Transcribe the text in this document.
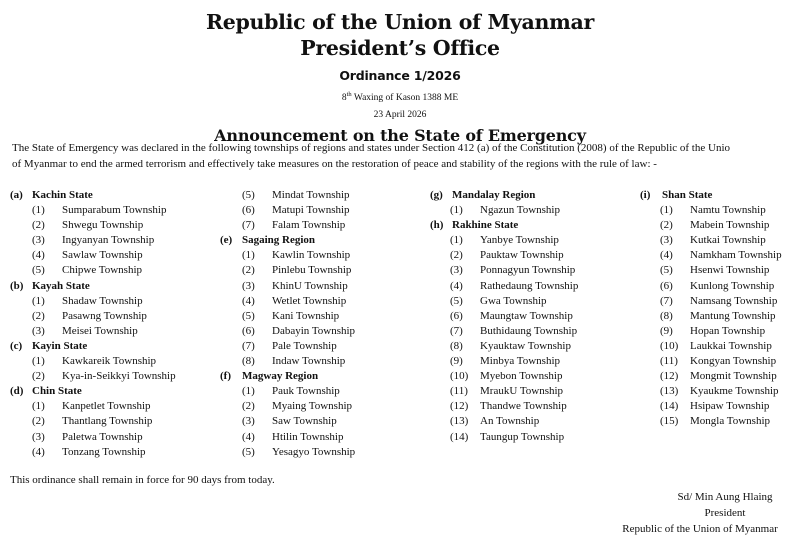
Republic of the Union of Myanmar
President’s Office
Ordinance 1/2026
8th Waxing of Kason 1388 ME
23 April 2026
Announcement on the State of Emergency
The State of Emergency was declared in the following townships of regions and states under Section 412 (a) of the Constitution (2008) of the Republic of the Unio
of Myanmar to end the armed terrorism and effectively take measures on the restoration of peace and stability of the regions with the rule of law: -
(a) Kachin State
(1)	Sumparabum Township
(2)	Shwegu Township
(3)	Ingyanyan Township
(4)	Sawlaw Township
(5)	Chipwe Township
(b) Kayah State
(1)	Shadaw Township
(2)	Pasawng Township
(3)	Meisei Township
(c) Kayin State
(1)	Kawkareik Township
(2)	Kya-in-Seikkyi Township
(d) Chin State
(1)	Kanpetlet Township
(2)	Thantlang Township
(3)	Paletwa Township
(4)	Tonzang Township
(5)	Mindat Township
(6)	Matupi Township
(7)	Falam Township
(e) Sagaing Region
(1)	Kawlin Township
(2)	Pinlebu Township
(3)	KhinU Township
(4)	Wetlet Township
(5)	Kani Township
(6)	Dabayin Township
(7)	Pale Township
(8)	Indaw Township
(f)	Magway Region
(1)	Pauk Township
(2)	Myaing Township
(3)	Saw Township
(4)	Htilin Township
(5)	Yesagyo Township
(g) Mandalay Region
(1)	Ngazun Township
(h) Rakhine State
(1)	Yanbye Township
(2)	Pauktaw Township
(3)	Ponnagyun Township
(4)	Rathedaung Township
(5)	Gwa Township
(6)	Maungtaw Township
(7)	Buthidaung Township
(8)	Kyauktaw Township
(9)	Minbya Township
(10)	Myebon Township
(11)	MraukU Township
(12)	Thandwe Township
(13)	An Township
(14)	Taungup Township
(i)	Shan State
(1)	Namtu Township
(2)	Mabein Township
(3)	Kutkai Township
(4)	Namkham Township
(5)	Hsenwi Township
(6)	Kunlong Township
(7)	Namsang Township
(8)	Mantung Township
(9)	Hopan Township
(10)	Laukkai Township
(11)	Kongyan Township
(12)	Mongmit Township
(13)	Kyaukme Township
(14)	Hsipaw Township
(15)	Mongla Township
This ordinance shall remain in force for 90 days from today.
Sd/ Min Aung Hlaing
President
Republic of the Union of Myanmar
